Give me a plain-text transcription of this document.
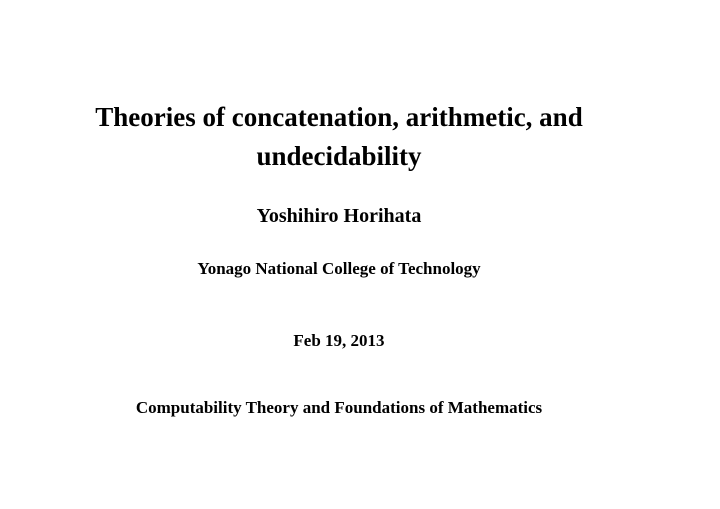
Theories of concatenation, arithmetic, and
undecidability
Yoshihiro Horihata
Yonago National College of Technology
Feb 19, 2013
Computability Theory and Foundations of Mathematics
